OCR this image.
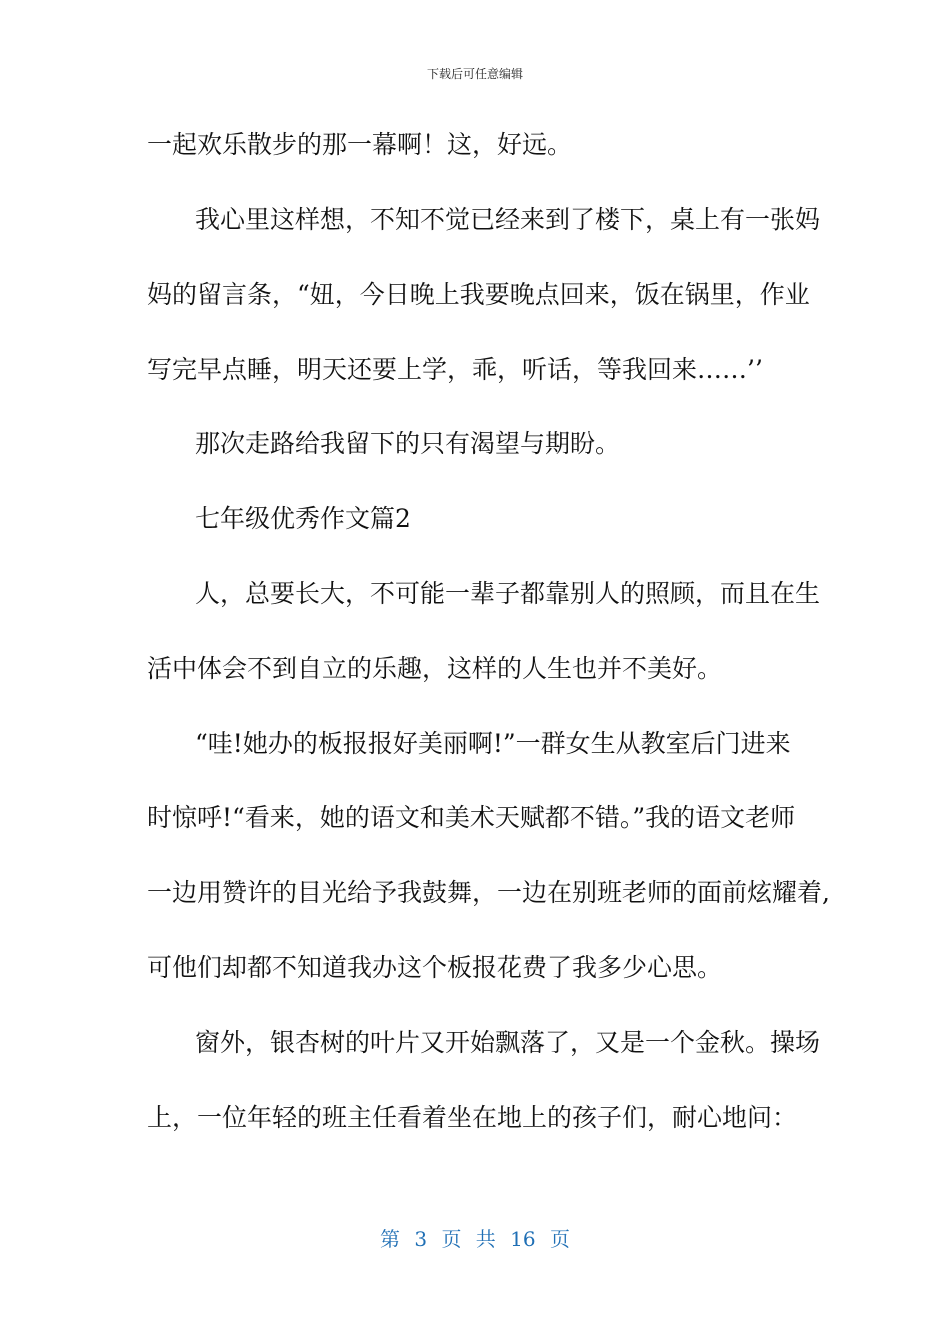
下载后可任意编辑
一起欢乐散步的那一幕啊！这，好远。
我心里这样想，不知不觉已经来到了楼下，桌上有一张妈
妈的留言条，“妞，今日晚上我要晚点回来，饭在锅里，作业
写完早点睡，明天还要上学，乖，听话，等我回来……’’
那次走路给我留下的只有渴望与期盼。
七年级优秀作文篇2
人，总要长大，不可能一辈子都靠别人的照顾，而且在生
活中体会不到自立的乐趣，这样的人生也并不美好。
“哇!她办的板报报好美丽啊!”一群女生从教室后门进来
时惊呼!“看来，她的语文和美术天赋都不错。”我的语文老师
一边用赞许的目光给予我鼓舞，一边在别班老师的面前炫耀着,
可他们却都不知道我办这个板报花费了我多少心思。
窗外，银杏树的叶片又开始飘落了，又是一个金秋。操场
上，一位年轻的班主任看着坐在地上的孩子们，耐心地问：
第 3 页 共 16 页
